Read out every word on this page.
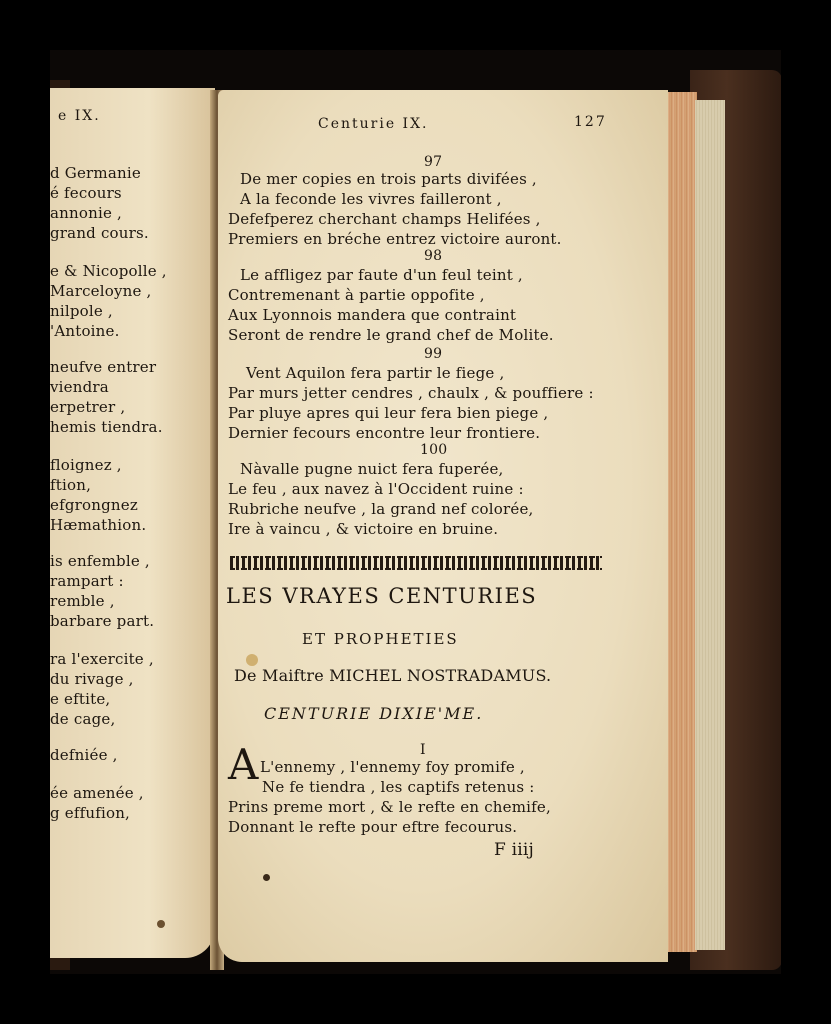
e IX.
d Germanie
é fecours
annonie ,
grand cours.
e & Nicopolle ,
Marceloyne ,
nilpole ,
'Antoine.
neufve entrer
viendra
erpetrer ,
hemis tiendra.
floignez ,
ftion,
efgrongnez
Hæmathion.
is enfemble ,
rampart :
remble ,
barbare part.
ra l'exercite ,
du rivage ,
e eftite,
de cage,
defniée ,
ée amenée ,
g effufion,
Centurie IX.	127
97
De mer copies en trois parts divifées ,
A la feconde les vivres failleront ,
Defefperez cherchant champs Helifées ,
Premiers en bréche entrez victoire auront.
98
Le affligez par faute d'un feul teint ,
Contremenant à partie oppofite ,
Aux Lyonnois mandera que contraint
Seront de rendre le grand chef de Molite.
99
Vent Aquilon fera partir le fiege ,
Par murs jetter cendres , chaulx , & pouffiere :
Par pluye apres qui leur fera bien piege ,
Dernier fecours encontre leur frontiere.
100
Nàvalle pugne nuict fera fuperée,
Le feu , aux navez à l'Occident ruine :
Rubriche neufve , la grand nef colorée,
Ire à vaincu , & victoire en bruine.
LES VRAYES CENTURIES
ET PROPHETIES
De Maiftre MICHEL NOSTRADAMUS.
CENTURIE DIXIE'ME.
I
A L'ennemy , l'ennemy foy promife ,
Ne fe tiendra , les captifs retenus :
Prins preme mort , & le refte en chemife,
Donnant le refte pour eftre fecourus.
F iiij
